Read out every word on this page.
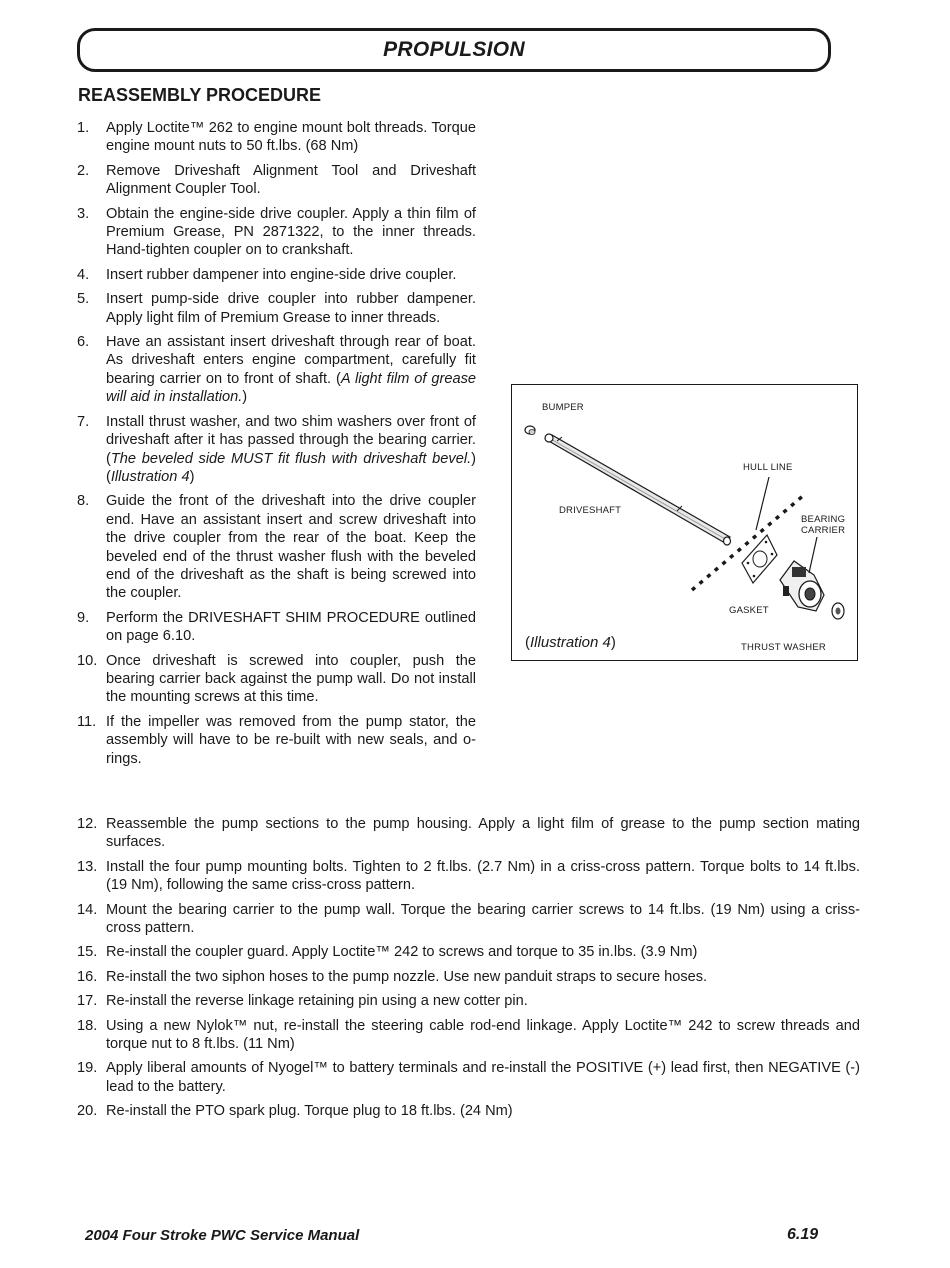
PROPULSION
REASSEMBLY PROCEDURE
1.	Apply Loctite™ 262 to engine mount bolt threads. Torque engine mount nuts to 50 ft.lbs. (68 Nm)
2.	Remove Driveshaft Alignment Tool and Driveshaft Alignment Coupler Tool.
3.	Obtain the engine-side drive coupler. Apply a thin film of Premium Grease, PN 2871322, to the inner threads. Hand-tighten coupler on to crankshaft.
4.	Insert rubber dampener into engine-side drive coupler.
5.	Insert pump-side drive coupler into rubber dampener. Apply light film of Premium Grease to inner threads.
6.	Have an assistant insert driveshaft through rear of boat. As driveshaft enters engine compartment, carefully fit bearing carrier on to front of shaft. (A light film of grease will aid in installation.)
7.	Install thrust washer, and two shim washers over front of driveshaft after it has passed through the bearing carrier. (The beveled side MUST fit flush with driveshaft bevel.) (Illustration 4)
8.	Guide the front of the driveshaft into the drive coupler end. Have an assistant insert and screw driveshaft into the drive coupler from the rear of the boat. Keep the beveled end of the thrust washer flush with the beveled end of the driveshaft as the shaft is being screwed into the coupler.
9.	Perform the DRIVESHAFT SHIM PROCEDURE outlined on page 6.10.
10. Once driveshaft is screwed into coupler, push the bearing carrier back against the pump wall. Do not install the mounting screws at this time.
11. If the impeller was removed from the pump stator, the assembly will have to be re-built with new seals, and o-rings.
12. Reassemble the pump sections to the pump housing. Apply a light film of grease to the pump section mating surfaces.
13. Install the four pump mounting bolts. Tighten to 2 ft.lbs. (2.7 Nm) in a criss-cross pattern. Torque bolts to 14 ft.lbs. (19 Nm), following the same criss-cross pattern.
14. Mount the bearing carrier to the pump wall. Torque the bearing carrier screws to 14 ft.lbs. (19 Nm) using a criss-cross pattern.
15. Re-install the coupler guard. Apply Loctite™ 242 to screws and torque to 35 in.lbs. (3.9 Nm)
16. Re-install the two siphon hoses to the pump nozzle. Use new panduit straps to secure hoses.
17. Re-install the reverse linkage retaining pin using a new cotter pin.
18. Using a new Nylok™ nut, re-install the steering cable rod-end linkage. Apply Loctite™ 242 to screw threads and torque nut to 8 ft.lbs. (11 Nm)
19. Apply liberal amounts of Nyogel™ to battery terminals and re-install the POSITIVE (+) lead first, then NEGATIVE (-) lead to the battery.
20. Re-install the PTO spark plug. Torque plug to 18 ft.lbs. (24 Nm)
BUMPER
HULL LINE
DRIVESHAFT
BEARING
CARRIER
GASKET
THRUST WASHER
(Illustration 4)
2004 Four Stroke PWC Service Manual	6.19
